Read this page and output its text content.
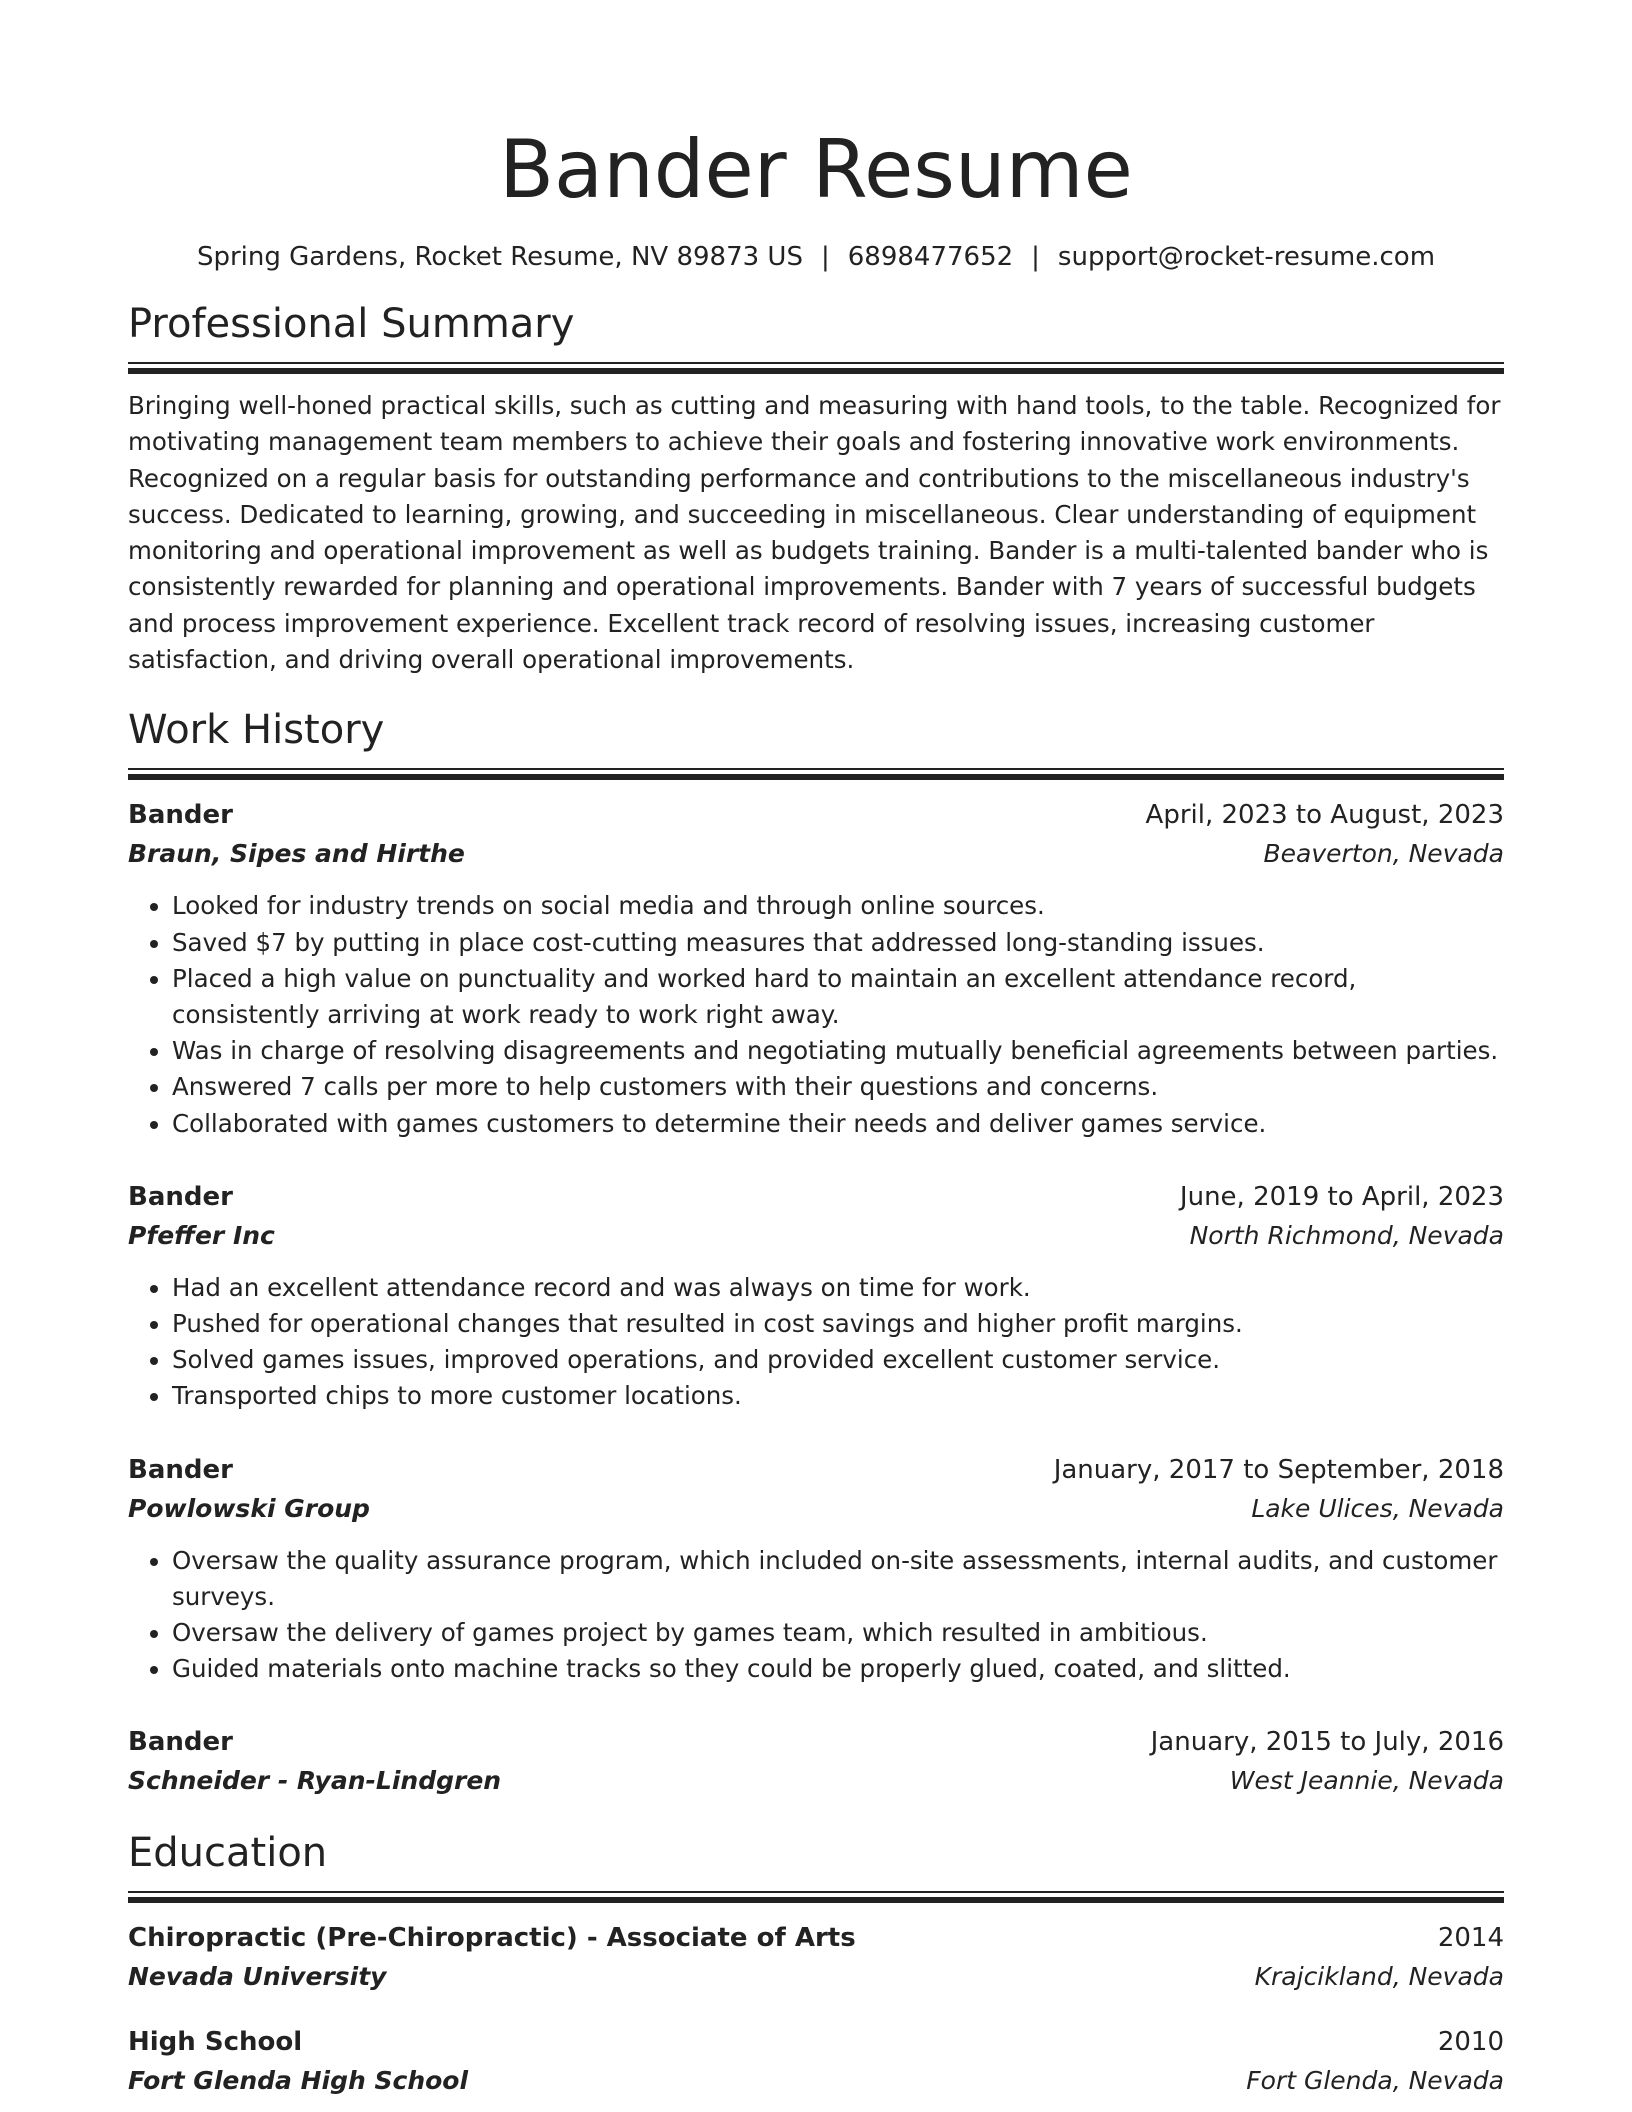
Bander Resume
Spring Gardens, Rocket Resume, NV 89873 US | 6898477652 | support@rocket-resume.com
Professional Summary

Bringing well-honed practical skills, such as cutting and measuring with hand tools, to the table. Recognized for motivating management team members to achieve their goals and fostering innovative work environments. Recognized on a regular basis for outstanding performance and contributions to the miscellaneous industry's success. Dedicated to learning, growing, and succeeding in miscellaneous. Clear understanding of equipment monitoring and operational improvement as well as budgets training. Bander is a multi-talented bander who is consistently rewarded for planning and operational improvements. Bander with 7 years of successful budgets and process improvement experience. Excellent track record of resolving issues, increasing customer satisfaction, and driving overall operational improvements.

Work History
Bander	April, 2023 to August, 2023
Braun, Sipes and Hirthe	Beaverton, Nevada
• Looked for industry trends on social media and through online sources.
• Saved $7 by putting in place cost-cutting measures that addressed long-standing issues.
• Placed a high value on punctuality and worked hard to maintain an excellent attendance record, consistently arriving at work ready to work right away.
• Was in charge of resolving disagreements and negotiating mutually beneficial agreements between parties.
• Answered 7 calls per more to help customers with their questions and concerns.
• Collaborated with games customers to determine their needs and deliver games service.
Bander	June, 2019 to April, 2023
Pfeffer Inc	North Richmond, Nevada
• Had an excellent attendance record and was always on time for work.
• Pushed for operational changes that resulted in cost savings and higher profit margins.
• Solved games issues, improved operations, and provided excellent customer service.
• Transported chips to more customer locations.
Bander	January, 2017 to September, 2018
Powlowski Group	Lake Ulices, Nevada
• Oversaw the quality assurance program, which included on-site assessments, internal audits, and customer surveys.
• Oversaw the delivery of games project by games team, which resulted in ambitious.
• Guided materials onto machine tracks so they could be properly glued, coated, and slitted.
Bander	January, 2015 to July, 2016
Schneider - Ryan-Lindgren	West Jeannie, Nevada
Education
Chiropractic (Pre-Chiropractic) - Associate of Arts	2014
Nevada University	Krajcikland, Nevada
High School	2010
Fort Glenda High School	Fort Glenda, Nevada
